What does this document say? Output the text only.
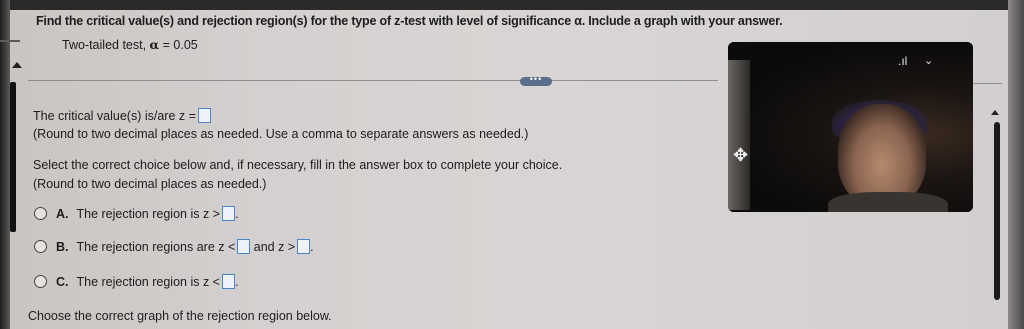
Find the critical value(s) and rejection region(s) for the type of z-test with level of significance α. Include a graph with your answer.
Two-tailed test, α = 0.05
•••
The critical value(s) is/are z =
(Round to two decimal places as needed. Use a comma to separate answers as needed.)
Select the correct choice below and, if necessary, fill in the answer box to complete your choice.
(Round to two decimal places as needed.)
A. The rejection region is z > .
B. The rejection regions are z < and z > .
C. The rejection region is z < .
Choose the correct graph of the rejection region below.
.ıl ⌄
✥
